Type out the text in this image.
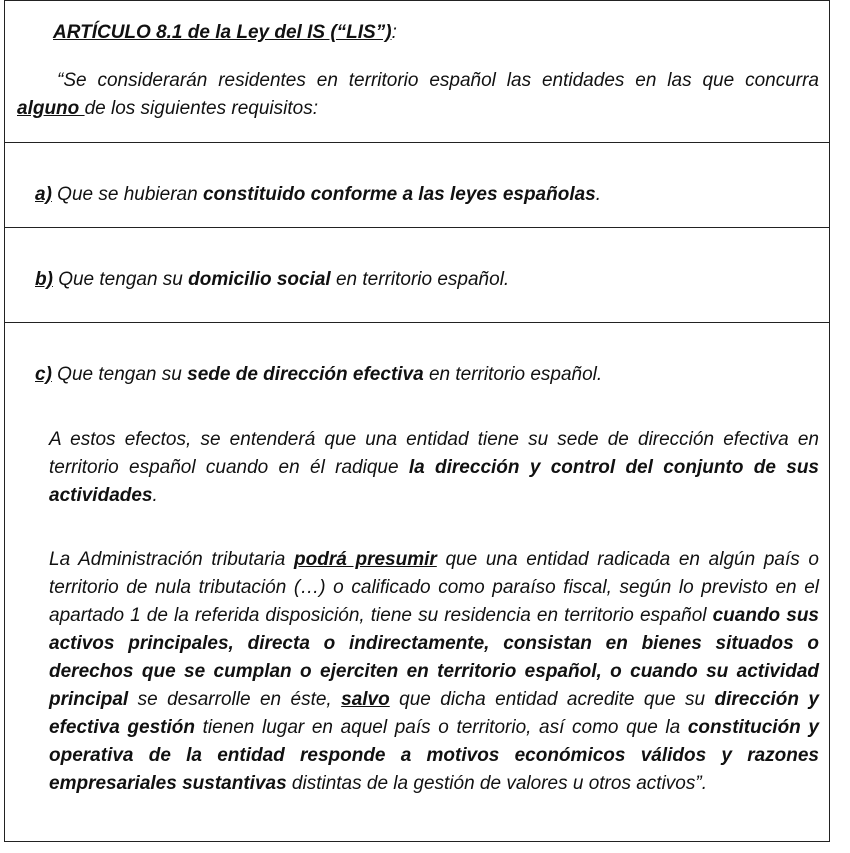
ARTÍCULO 8.1 de la Ley del IS (“LIS”):
“Se considerarán residentes en territorio español las entidades en las que concurra alguno de los siguientes requisitos:
a) Que se hubieran constituido conforme a las leyes españolas.
b) Que tengan su domicilio social en territorio español.
c) Que tengan su sede de dirección efectiva en territorio español.
A estos efectos, se entenderá que una entidad tiene su sede de dirección efectiva en territorio español cuando en él radique la dirección y control del conjunto de sus actividades.
La Administración tributaria podrá presumir que una entidad radicada en algún país o territorio de nula tributación (…) o calificado como paraíso fiscal, según lo previsto en el apartado 1 de la referida disposición, tiene su residencia en territorio español cuando sus activos principales, directa o indirectamente, consistan en bienes situados o derechos que se cumplan o ejerciten en territorio español, o cuando su actividad principal se desarrolle en éste, salvo que dicha entidad acredite que su dirección y efectiva gestión tienen lugar en aquel país o territorio, así como que la constitución y operativa de la entidad responde a motivos económicos válidos y razones empresariales sustantivas distintas de la gestión de valores u otros activos”.
